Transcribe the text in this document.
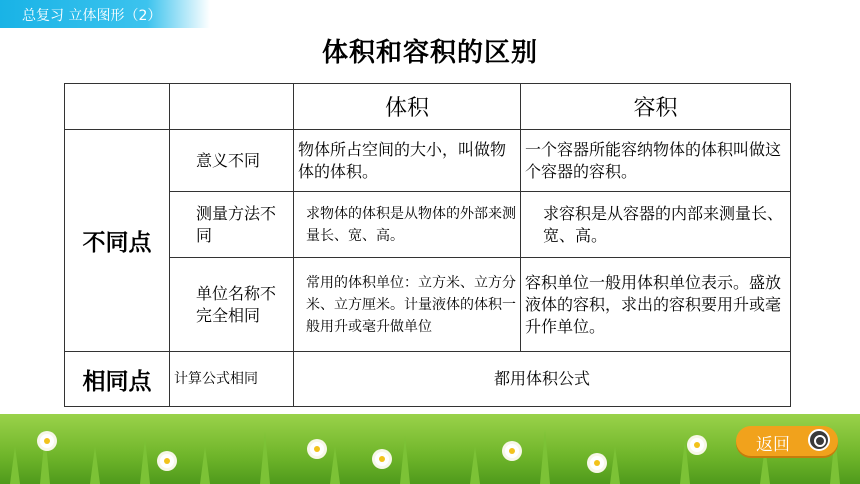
总复习 立体图形（2）
体积和容积的区别
		体积	容积
不同点	意义不同	物体所占空间的大小，叫做物体的体积。	一个容器所能容纳物体的体积叫做这个容器的容积。
	测量方法不同	求物体的体积是从物体的外部来测量长、宽、高。	求容积是从容器的内部来测量长、宽、高。
	单位名称不完全相同	常用的体积单位：立方米、立方分米、立方厘米。计量液体的体积一般用升或毫升做单位	容积单位一般用体积单位表示。盛放液体的容积，求出的容积要用升或毫升作单位。
相同点	计算公式相同	都用体积公式	
返回
